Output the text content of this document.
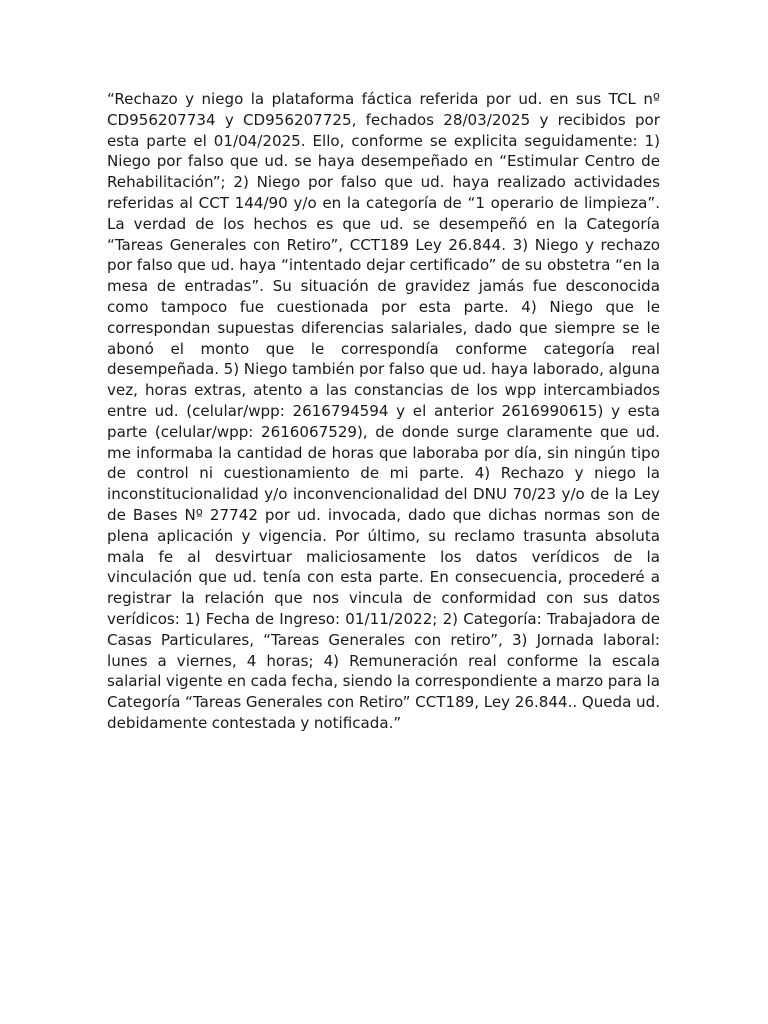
“Rechazo y niego la plataforma fáctica referida por ud. en sus TCL nº CD956207734 y CD956207725, fechados 28/03/2025 y recibidos por esta parte el 01/04/2025. Ello, conforme se explicita seguidamente: 1) Niego por falso que ud. se haya desempeñado en “Estimular Centro de Rehabilitación”; 2) Niego por falso que ud. haya realizado actividades referidas al CCT 144/90 y/o en la categoría de “1 operario de limpieza”. La verdad de los hechos es que ud. se desempeñó en la Categoría “Tareas Generales con Retiro”, CCT189 Ley 26.844. 3) Niego y rechazo por falso que ud. haya “intentado dejar certificado” de su obstetra “en la mesa de entradas”. Su situación de gravidez jamás fue desconocida como tampoco fue cuestionada por esta parte. 4) Niego que le correspondan supuestas diferencias salariales, dado que siempre se le abonó el monto que le correspondía conforme categoría real desempeñada. 5) Niego también por falso que ud. haya laborado, alguna vez, horas extras, atento a las constancias de los wpp intercambiados entre ud. (celular/wpp: 2616794594 y el anterior 2616990615) y esta parte (celular/wpp: 2616067529), de donde surge claramente que ud. me informaba la cantidad de horas que laboraba por día, sin ningún tipo de control ni cuestionamiento de mi parte. 4) Rechazo y niego la inconstitucionalidad y/o inconvencionalidad del DNU 70/23 y/o de la Ley de Bases Nº 27742 por ud. invocada, dado que dichas normas son de plena aplicación y vigencia. Por último, su reclamo trasunta absoluta mala fe al desvirtuar maliciosamente los datos verídicos de la vinculación que ud. tenía con esta parte. En consecuencia, procederé a registrar la relación que nos vincula de conformidad con sus datos verídicos: 1) Fecha de Ingreso: 01/11/2022; 2) Categoría: Trabajadora de Casas Particulares, “Tareas Generales con retiro”, 3) Jornada laboral: lunes a viernes, 4 horas; 4) Remuneración real conforme la escala salarial vigente en cada fecha, siendo la correspondiente a marzo para la Categoría “Tareas Generales con Retiro” CCT189, Ley 26.844.. Queda ud. debidamente contestada y notificada.”
